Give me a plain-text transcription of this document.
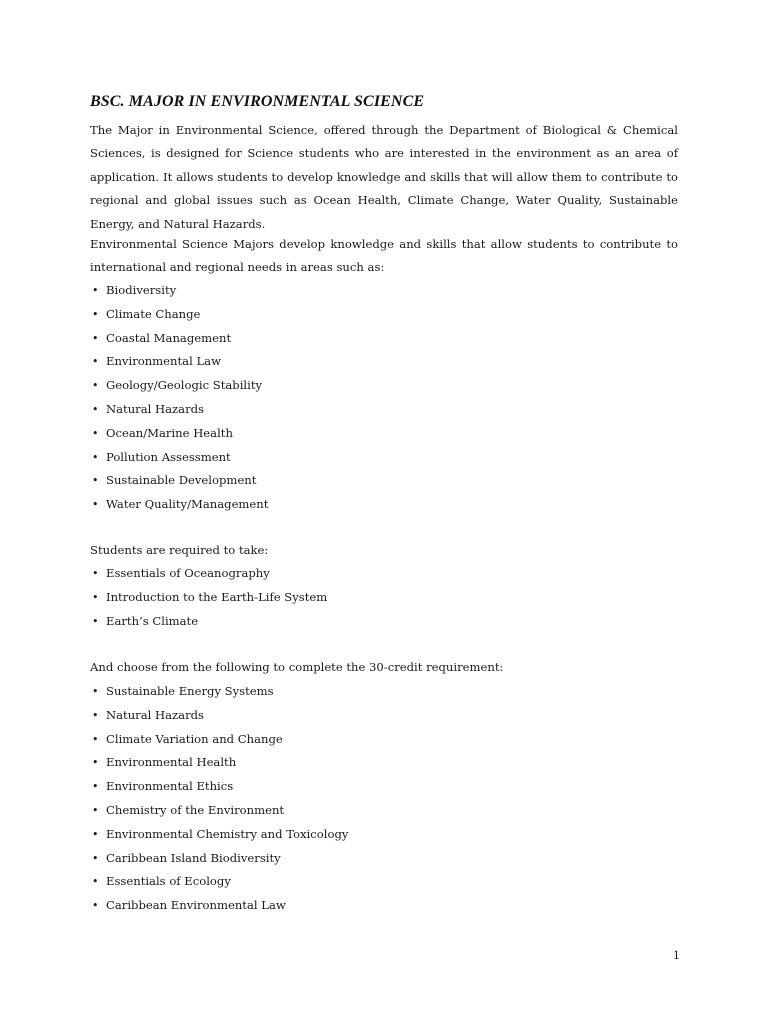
BSC. MAJOR IN ENVIRONMENTAL SCIENCE

The Major in Environmental Science, offered through the Department of Biological & Chemical Sciences, is designed for Science students who are interested in the environment as an area of application. It allows students to develop knowledge and skills that will allow them to contribute to regional and global issues such as Ocean Health, Climate Change, Water Quality, Sustainable Energy, and Natural Hazards.

Environmental Science Majors develop knowledge and skills that allow students to contribute to international and regional needs in areas such as:

• Biodiversity
• Climate Change
• Coastal Management
• Environmental Law
• Geology/Geologic Stability
• Natural Hazards
• Ocean/Marine Health
• Pollution Assessment
• Sustainable Development
• Water Quality/Management

Students are required to take:

• Essentials of Oceanography
• Introduction to the Earth-Life System
• Earth’s Climate

And choose from the following to complete the 30-credit requirement:

• Sustainable Energy Systems
• Natural Hazards
• Climate Variation and Change
• Environmental Health
• Environmental Ethics
• Chemistry of the Environment
• Environmental Chemistry and Toxicology
• Caribbean Island Biodiversity
• Essentials of Ecology
• Caribbean Environmental Law
1
